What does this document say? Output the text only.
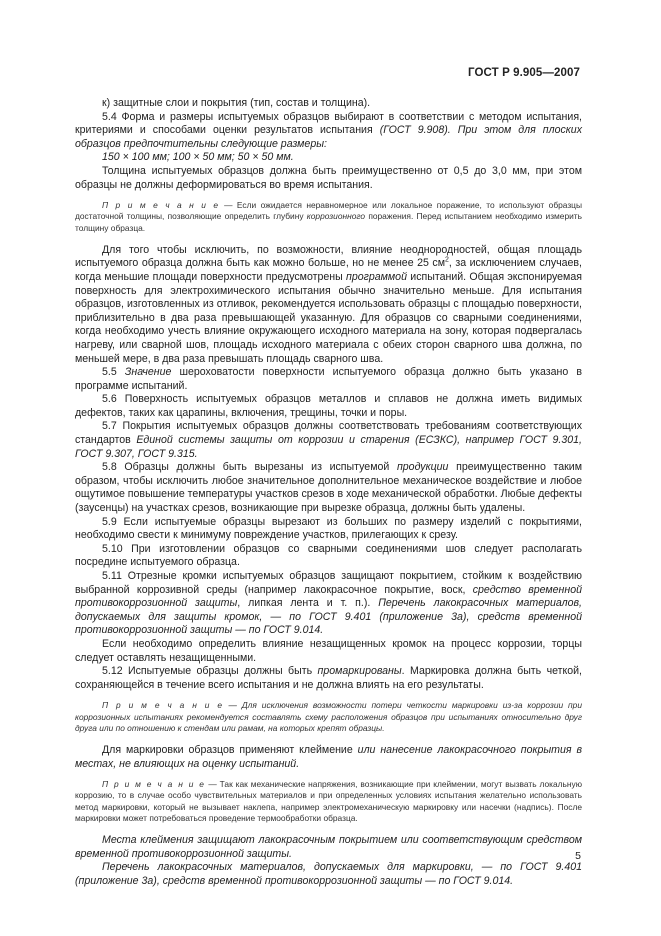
ГОСТ Р 9.905—2007

к) защитные слои и покрытия (тип, состав и толщина).

5.4 Форма и размеры испытуемых образцов выбирают в соответствии с методом испытания, критериями и способами оценки результатов испытания (ГОСТ 9.908). При этом для плоских образцов предпочтительны следующие размеры:

150 × 100 мм; 100 × 50 мм; 50 × 50 мм.

Толщина испытуемых образцов должна быть преимущественно от 0,5 до 3,0 мм, при этом образцы не должны деформироваться во время испытания.

П р и м е ч а н и е — Если ожидается неравномерное или локальное поражение, то используют образцы достаточной толщины, позволяющие определить глубину коррозионного поражения. Перед испытанием необходимо измерить толщину образца.

Для того чтобы исключить, по возможности, влияние неоднородностей, общая площадь испытуемого образца должна быть как можно больше, но не менее 25 $см^2$, за исключением случаев, когда меньшие площади поверхности предусмотрены программой испытаний. Общая экспонируемая поверхность для электрохимического испытания обычно значительно меньше. Для испытания образцов, изготовленных из отливок, рекомендуется использовать образцы с площадью поверхности, приблизительно в два раза превышающей указанную. Для образцов со сварными соединениями, когда необходимо учесть влияние окружающего исходного материала на зону, которая подвергалась нагреву, или сварной шов, площадь исходного материала с обеих сторон сварного шва должна, по меньшей мере, в два раза превышать площадь сварного шва.

5.5 Значение шероховатости поверхности испытуемого образца должно быть указано в программе испытаний.

5.6 Поверхность испытуемых образцов металлов и сплавов не должна иметь видимых дефектов, таких как царапины, включения, трещины, точки и поры.

5.7 Покрытия испытуемых образцов должны соответствовать требованиям соответствующих стандартов Единой системы защиты от коррозии и старения (ЕСЗКС), например ГОСТ 9.301, ГОСТ 9.307, ГОСТ 9.315.

5.8 Образцы должны быть вырезаны из испытуемой продукции преимущественно таким образом, чтобы исключить любое значительное дополнительное механическое воздействие и любое ощутимое повышение температуры участков срезов в ходе механической обработки. Любые дефекты (заусенцы) на участках срезов, возникающие при вырезке образца, должны быть удалены.

5.9 Если испытуемые образцы вырезают из больших по размеру изделий с покрытиями, необходимо свести к минимуму повреждение участков, прилегающих к срезу.

5.10 При изготовлении образцов со сварными соединениями шов следует располагать посредине испытуемого образца.

5.11 Отрезные кромки испытуемых образцов защищают покрытием, стойким к воздействию выбранной коррозивной среды (например лакокрасочное покрытие, воск, средство временной противокоррозионной защиты, липкая лента и т. п.). Перечень лакокрасочных материалов, допускаемых для защиты кромок, — по ГОСТ 9.401 (приложение 3а), средств временной противокоррозионной защиты — по ГОСТ 9.014.

Если необходимо определить влияние незащищенных кромок на процесс коррозии, торцы следует оставлять незащищенными.

5.12 Испытуемые образцы должны быть промаркированы. Маркировка должна быть четкой, сохраняющейся в течение всего испытания и не должна влиять на его результаты.

П р и м е ч а н и е — Для исключения возможности потери четкости маркировки из-за коррозии при коррозионных испытаниях рекомендуется составлять схему расположения образцов при испытаниях относительно друг друга или по отношению к стендам или рамам, на которых крепят образцы.

Для маркировки образцов применяют клеймение или нанесение лакокрасочного покрытия в местах, не влияющих на оценку испытаний.

П р и м е ч а н и е — Так как механические напряжения, возникающие при клеймении, могут вызвать локальную коррозию, то в случае особо чувствительных материалов и при определенных условиях испытания желательно использовать метод маркировки, который не вызывает наклепа, например электромеханическую маркировку или насечки (надпись). После маркировки может потребоваться проведение термообработки образца.

Места клеймения защищают лакокрасочным покрытием или соответствующим средством временной противокоррозионной защиты.

Перечень лакокрасочных материалов, допускаемых для маркировки, — по ГОСТ 9.401 (приложение 3а), средств временной противокоррозионной защиты — по ГОСТ 9.014.

5
